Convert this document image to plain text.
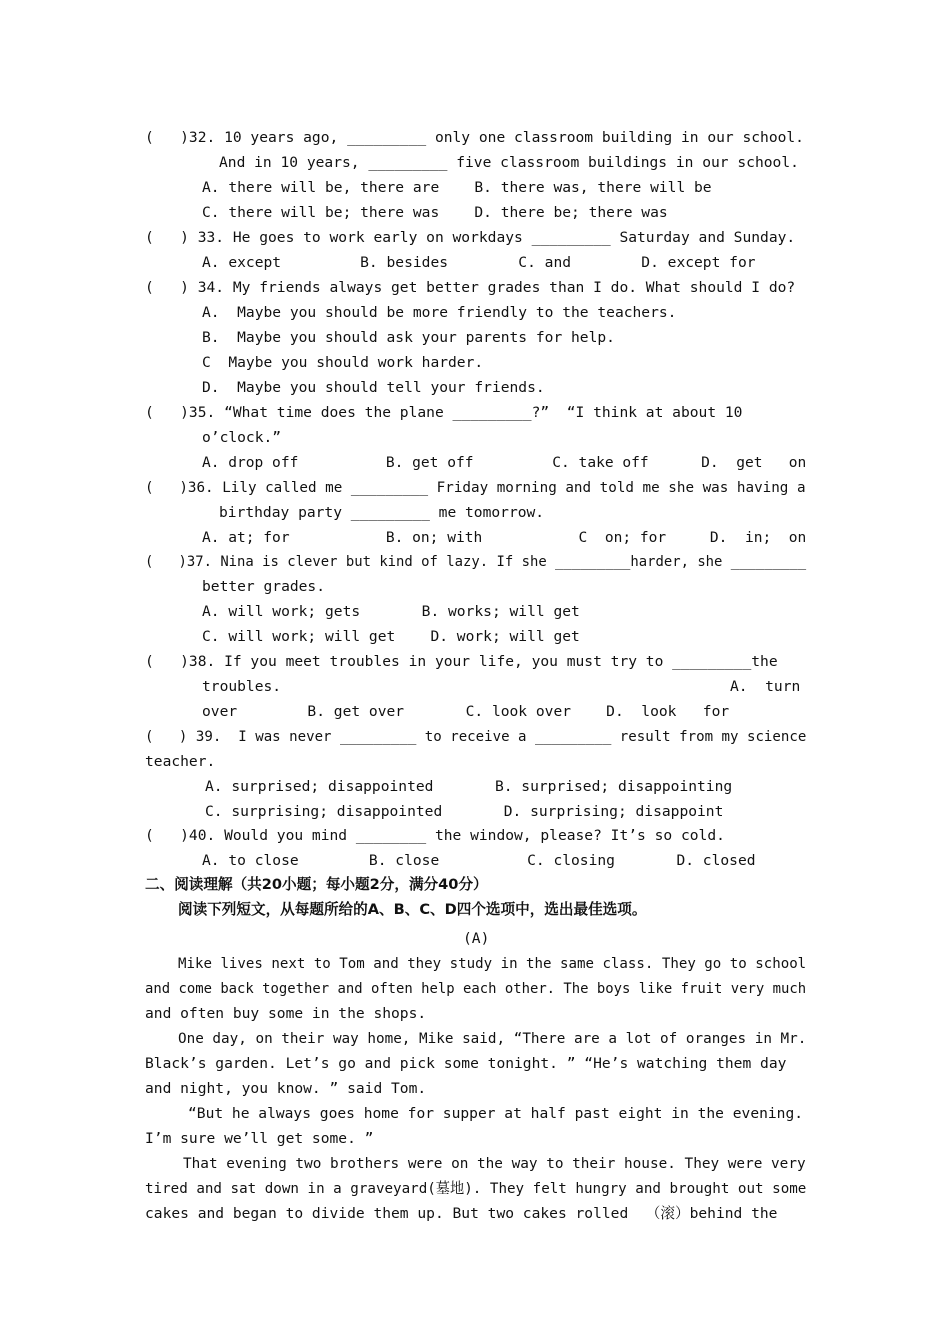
(   )32. 10 years ago, _________ only one classroom building in our school.
And in 10 years, _________ five classroom buildings in our school.
A. there will be, there are    B. there was, there will be
C. there will be; there was    D. there be; there was
(   ) 33. He goes to work early on workdays _________ Saturday and Sunday.
A. except         B. besides        C. and        D. except for
(   ) 34. My friends always get better grades than I do. What should I do?
A.  Maybe you should be more friendly to the teachers.
B.  Maybe you should ask your parents for help.
C  Maybe you should work harder.
D.  Maybe you should tell your friends.
(   )35. “What time does the plane _________?”  “I think at about 10
o’clock.”
A. drop off          B. get off         C. take off      D.  get   on
(   )36. Lily called me _________ Friday morning and told me she was having a
birthday party _________ me tomorrow.
A. at; for           B. on; with           C  on; for     D.  in;  on
(   )37. Nina is clever but kind of lazy. If she _________harder, she _________
better grades.
A. will work; gets       B. works; will get
C. will work; will get    D. work; will get
(   )38. If you meet troubles in your life, you must try to _________the
troubles.	A.  turn
over        B. get over       C. look over    D.  look   for
(   ) 39.  I was never _________ to receive a _________ result from my science
teacher.
A. surprised; disappointed       B. surprised; disappointing
C. surprising; disappointed       D. surprising; disappoint
(   )40. Would you mind ________ the window, please? It’s so cold.
A. to close        B. close          C. closing       D. closed
二、阅读理解（共20小题；每小题2分，满分40分）
阅读下列短文，从每题所给的A、B、C、D四个选项中，选出最佳选项。
(A)
Mike lives next to Tom and they study in the same class. They go to school
and come back together and often help each other. The boys like fruit very much
and often buy some in the shops.
One day, on their way home, Mike said, “There are a lot of oranges in Mr.
Black’s garden. Let’s go and pick some tonight. ” “He’s watching them day
and night, you know. ” said Tom.
“But he always goes home for supper at half past eight in the evening.
I’m sure we’ll get some. ”
That evening two brothers were on the way to their house. They were very
tired and sat down in a graveyard(墓地). They felt hungry and brought out some
cakes and began to divide them up. But two cakes rolled  （滚）behind the
